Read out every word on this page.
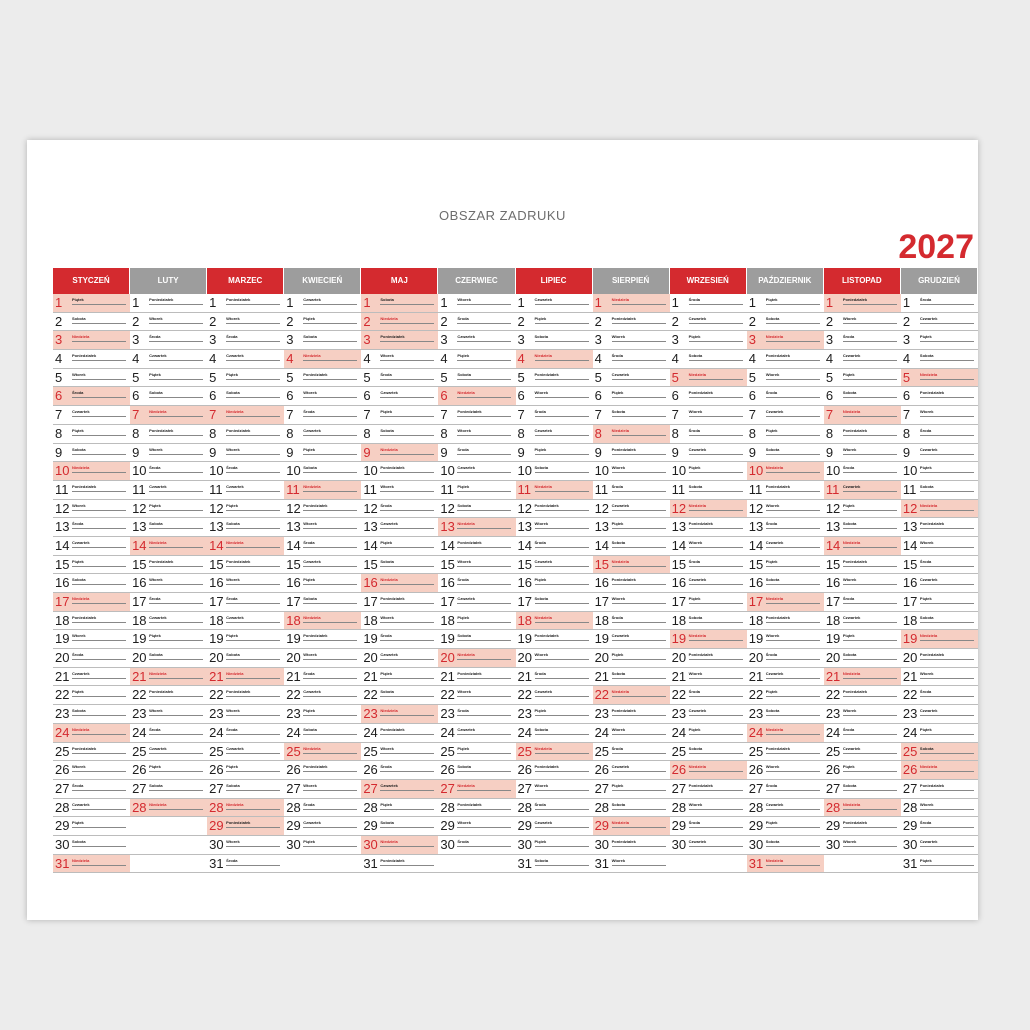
OBSZAR ZADRUKU
2027
STYCZEŃ
1 Piątek
2 Sobota
3 Niedziela
4 Poniedziałek
5 Wtorek
6 Środa
7 Czwartek
8 Piątek
9 Sobota
10 Niedziela
11 Poniedziałek
12 Wtorek
13 Środa
14 Czwartek
15 Piątek
16 Sobota
17 Niedziela
18 Poniedziałek
19 Wtorek
20 Środa
21 Czwartek
22 Piątek
23 Sobota
24 Niedziela
25 Poniedziałek
26 Wtorek
27 Środa
28 Czwartek
29 Piątek
30 Sobota
31 Niedziela
LUTY
1 Poniedziałek
2 Wtorek
3 Środa
4 Czwartek
5 Piątek
6 Sobota
7 Niedziela
8 Poniedziałek
9 Wtorek
10 Środa
11 Czwartek
12 Piątek
13 Sobota
14 Niedziela
15 Poniedziałek
16 Wtorek
17 Środa
18 Czwartek
19 Piątek
20 Sobota
21 Niedziela
22 Poniedziałek
23 Wtorek
24 Środa
25 Czwartek
26 Piątek
27 Sobota
28 Niedziela
MARZEC
1 Poniedziałek
2 Wtorek
3 Środa
4 Czwartek
5 Piątek
6 Sobota
7 Niedziela
8 Poniedziałek
9 Wtorek
10 Środa
11 Czwartek
12 Piątek
13 Sobota
14 Niedziela
15 Poniedziałek
16 Wtorek
17 Środa
18 Czwartek
19 Piątek
20 Sobota
21 Niedziela
22 Poniedziałek
23 Wtorek
24 Środa
25 Czwartek
26 Piątek
27 Sobota
28 Niedziela
29 Poniedziałek
30 Wtorek
31 Środa
KWIECIEŃ
1 Czwartek
2 Piątek
3 Sobota
4 Niedziela
5 Poniedziałek
6 Wtorek
7 Środa
8 Czwartek
9 Piątek
10 Sobota
11 Niedziela
12 Poniedziałek
13 Wtorek
14 Środa
15 Czwartek
16 Piątek
17 Sobota
18 Niedziela
19 Poniedziałek
20 Wtorek
21 Środa
22 Czwartek
23 Piątek
24 Sobota
25 Niedziela
26 Poniedziałek
27 Wtorek
28 Środa
29 Czwartek
30 Piątek
MAJ
1 Sobota
2 Niedziela
3 Poniedziałek
4 Wtorek
5 Środa
6 Czwartek
7 Piątek
8 Sobota
9 Niedziela
10 Poniedziałek
11 Wtorek
12 Środa
13 Czwartek
14 Piątek
15 Sobota
16 Niedziela
17 Poniedziałek
18 Wtorek
19 Środa
20 Czwartek
21 Piątek
22 Sobota
23 Niedziela
24 Poniedziałek
25 Wtorek
26 Środa
27 Czwartek
28 Piątek
29 Sobota
30 Niedziela
31 Poniedziałek
CZERWIEC
1 Wtorek
2 Środa
3 Czwartek
4 Piątek
5 Sobota
6 Niedziela
7 Poniedziałek
8 Wtorek
9 Środa
10 Czwartek
11 Piątek
12 Sobota
13 Niedziela
14 Poniedziałek
15 Wtorek
16 Środa
17 Czwartek
18 Piątek
19 Sobota
20 Niedziela
21 Poniedziałek
22 Wtorek
23 Środa
24 Czwartek
25 Piątek
26 Sobota
27 Niedziela
28 Poniedziałek
29 Wtorek
30 Środa
LIPIEC
1 Czwartek
2 Piątek
3 Sobota
4 Niedziela
5 Poniedziałek
6 Wtorek
7 Środa
8 Czwartek
9 Piątek
10 Sobota
11 Niedziela
12 Poniedziałek
13 Wtorek
14 Środa
15 Czwartek
16 Piątek
17 Sobota
18 Niedziela
19 Poniedziałek
20 Wtorek
21 Środa
22 Czwartek
23 Piątek
24 Sobota
25 Niedziela
26 Poniedziałek
27 Wtorek
28 Środa
29 Czwartek
30 Piątek
31 Sobota
SIERPIEŃ
1 Niedziela
2 Poniedziałek
3 Wtorek
4 Środa
5 Czwartek
6 Piątek
7 Sobota
8 Niedziela
9 Poniedziałek
10 Wtorek
11 Środa
12 Czwartek
13 Piątek
14 Sobota
15 Niedziela
16 Poniedziałek
17 Wtorek
18 Środa
19 Czwartek
20 Piątek
21 Sobota
22 Niedziela
23 Poniedziałek
24 Wtorek
25 Środa
26 Czwartek
27 Piątek
28 Sobota
29 Niedziela
30 Poniedziałek
31 Wtorek
WRZESIEŃ
1 Środa
2 Czwartek
3 Piątek
4 Sobota
5 Niedziela
6 Poniedziałek
7 Wtorek
8 Środa
9 Czwartek
10 Piątek
11 Sobota
12 Niedziela
13 Poniedziałek
14 Wtorek
15 Środa
16 Czwartek
17 Piątek
18 Sobota
19 Niedziela
20 Poniedziałek
21 Wtorek
22 Środa
23 Czwartek
24 Piątek
25 Sobota
26 Niedziela
27 Poniedziałek
28 Wtorek
29 Środa
30 Czwartek
PAŹDZIERNIK
1 Piątek
2 Sobota
3 Niedziela
4 Poniedziałek
5 Wtorek
6 Środa
7 Czwartek
8 Piątek
9 Sobota
10 Niedziela
11 Poniedziałek
12 Wtorek
13 Środa
14 Czwartek
15 Piątek
16 Sobota
17 Niedziela
18 Poniedziałek
19 Wtorek
20 Środa
21 Czwartek
22 Piątek
23 Sobota
24 Niedziela
25 Poniedziałek
26 Wtorek
27 Środa
28 Czwartek
29 Piątek
30 Sobota
31 Niedziela
LISTOPAD
1 Poniedziałek
2 Wtorek
3 Środa
4 Czwartek
5 Piątek
6 Sobota
7 Niedziela
8 Poniedziałek
9 Wtorek
10 Środa
11 Czwartek
12 Piątek
13 Sobota
14 Niedziela
15 Poniedziałek
16 Wtorek
17 Środa
18 Czwartek
19 Piątek
20 Sobota
21 Niedziela
22 Poniedziałek
23 Wtorek
24 Środa
25 Czwartek
26 Piątek
27 Sobota
28 Niedziela
29 Poniedziałek
30 Wtorek
GRUDZIEŃ
1 Środa
2 Czwartek
3 Piątek
4 Sobota
5 Niedziela
6 Poniedziałek
7 Wtorek
8 Środa
9 Czwartek
10 Piątek
11 Sobota
12 Niedziela
13 Poniedziałek
14 Wtorek
15 Środa
16 Czwartek
17 Piątek
18 Sobota
19 Niedziela
20 Poniedziałek
21 Wtorek
22 Środa
23 Czwartek
24 Piątek
25 Sobota
26 Niedziela
27 Poniedziałek
28 Wtorek
29 Środa
30 Czwartek
31 Piątek
